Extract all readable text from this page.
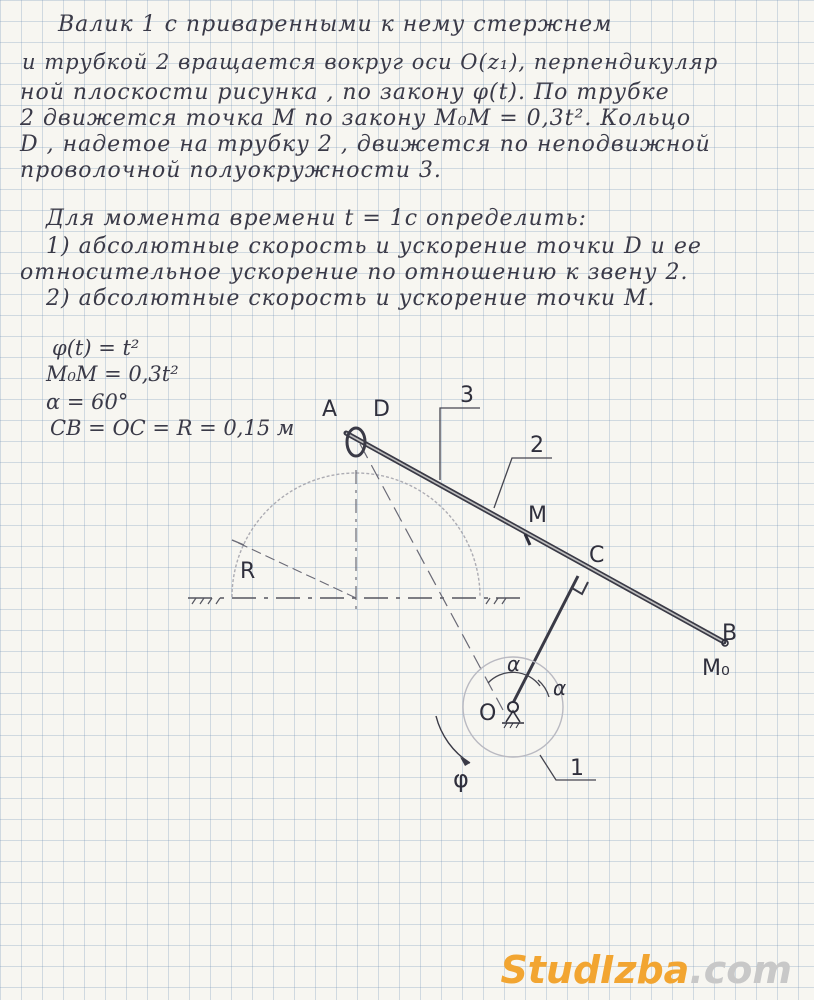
Валик 1 с приваренными к нему стержнем
и трубкой 2 вращается вокруг оси O(z₁), перпендикуляр
ной плоскости рисунка , по закону φ(t). По трубке
2 движется точка M по закону M₀M = 0,3t². Кольцо
D , надетое на трубку 2 , движется по неподвижной
проволочной полуокружности 3.
Для момента времени t = 1c определить:
1) абсолютные скорость и ускорение точки D и ее
относительное ускорение по отношению к звену 2.
2) абсолютные скорость и ускорение точки M.
φ(t) = t²
M₀M = 0,3t²
α = 60°
CB = OC = R = 0,15 м
A D
3
2
M
C
R
B
M₀
O
α
α
φ	1
StudIzba.com
